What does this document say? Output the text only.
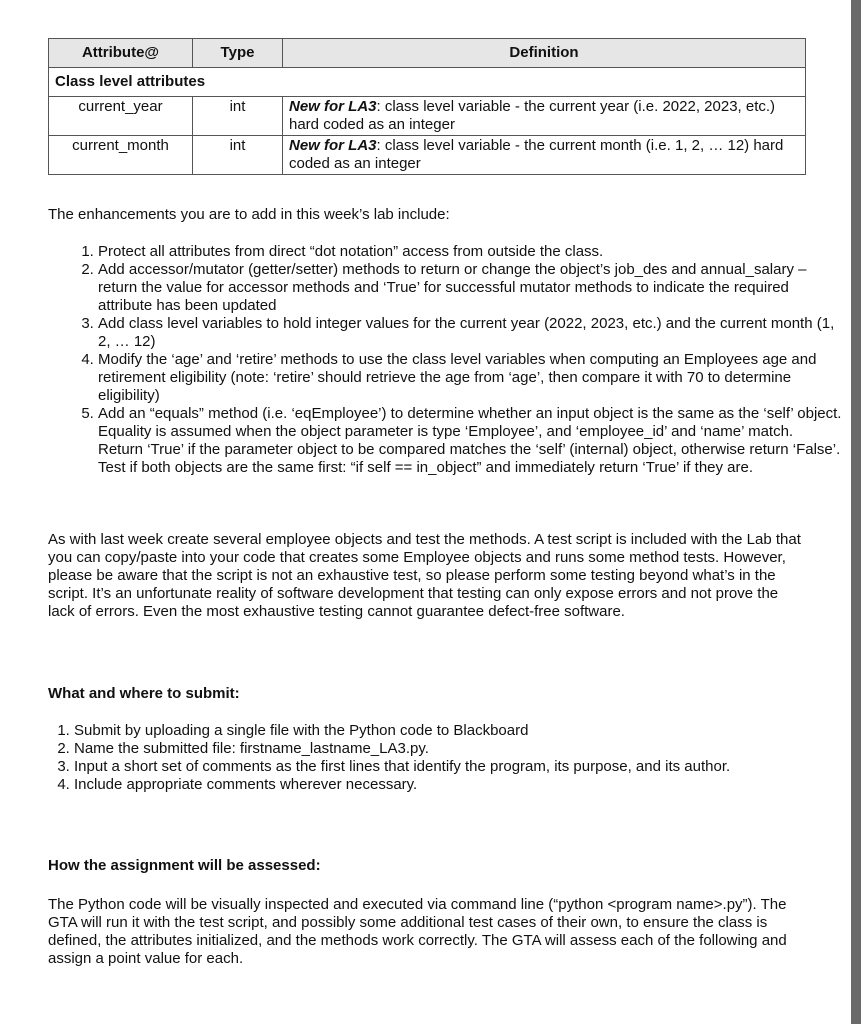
Attribute@	Type	Definition
Class level attributes		
current_year	int	New for LA3: class level variable - the current year (i.e. 2022, 2023, etc.) hard coded as an integer
current_month	int	New for LA3: class level variable - the current month (i.e. 1, 2, … 12) hard coded as an integer
The enhancements you are to add in this week’s lab include:
1. Protect all attributes from direct “dot notation” access from outside the class.
2. Add accessor/mutator (getter/setter) methods to return or change the object’s job_des and annual_salary – return the value for accessor methods and ‘True’ for successful mutator methods to indicate the required attribute has been updated
3. Add class level variables to hold integer values for the current year (2022, 2023, etc.) and the current month (1, 2, … 12)
4. Modify the ‘age’ and ‘retire’ methods to use the class level variables when computing an Employees age and retirement eligibility (note: ‘retire’ should retrieve the age from ‘age’, then compare it with 70 to determine eligibility)
5. Add an “equals” method (i.e. ‘eqEmployee’) to determine whether an input object is the same as the ‘self’ object. Equality is assumed when the object parameter is type ‘Employee’, and ‘employee_id’ and ‘name’ match. Return ‘True’ if the parameter object to be compared matches the ‘self’ (internal) object, otherwise return ‘False’. Test if both objects are the same first: “if self == in_object” and immediately return ‘True’ if they are.
As with last week create several employee objects and test the methods. A test script is included with the Lab that you can copy/paste into your code that creates some Employee objects and runs some method tests. However, please be aware that the script is not an exhaustive test, so please perform some testing beyond what’s in the script. It’s an unfortunate reality of software development that testing can only expose errors and not prove the lack of errors. Even the most exhaustive testing cannot guarantee defect-free software.
What and where to submit:
1. Submit by uploading a single file with the Python code to Blackboard
2. Name the submitted file: firstname_lastname_LA3.py.
3. Input a short set of comments as the first lines that identify the program, its purpose, and its author.
4. Include appropriate comments wherever necessary.
How the assignment will be assessed:
The Python code will be visually inspected and executed via command line (“python <program name>.py”). The GTA will run it with the test script, and possibly some additional test cases of their own, to ensure the class is defined, the attributes initialized, and the methods work correctly. The GTA will assess each of the following and assign a point value for each.
